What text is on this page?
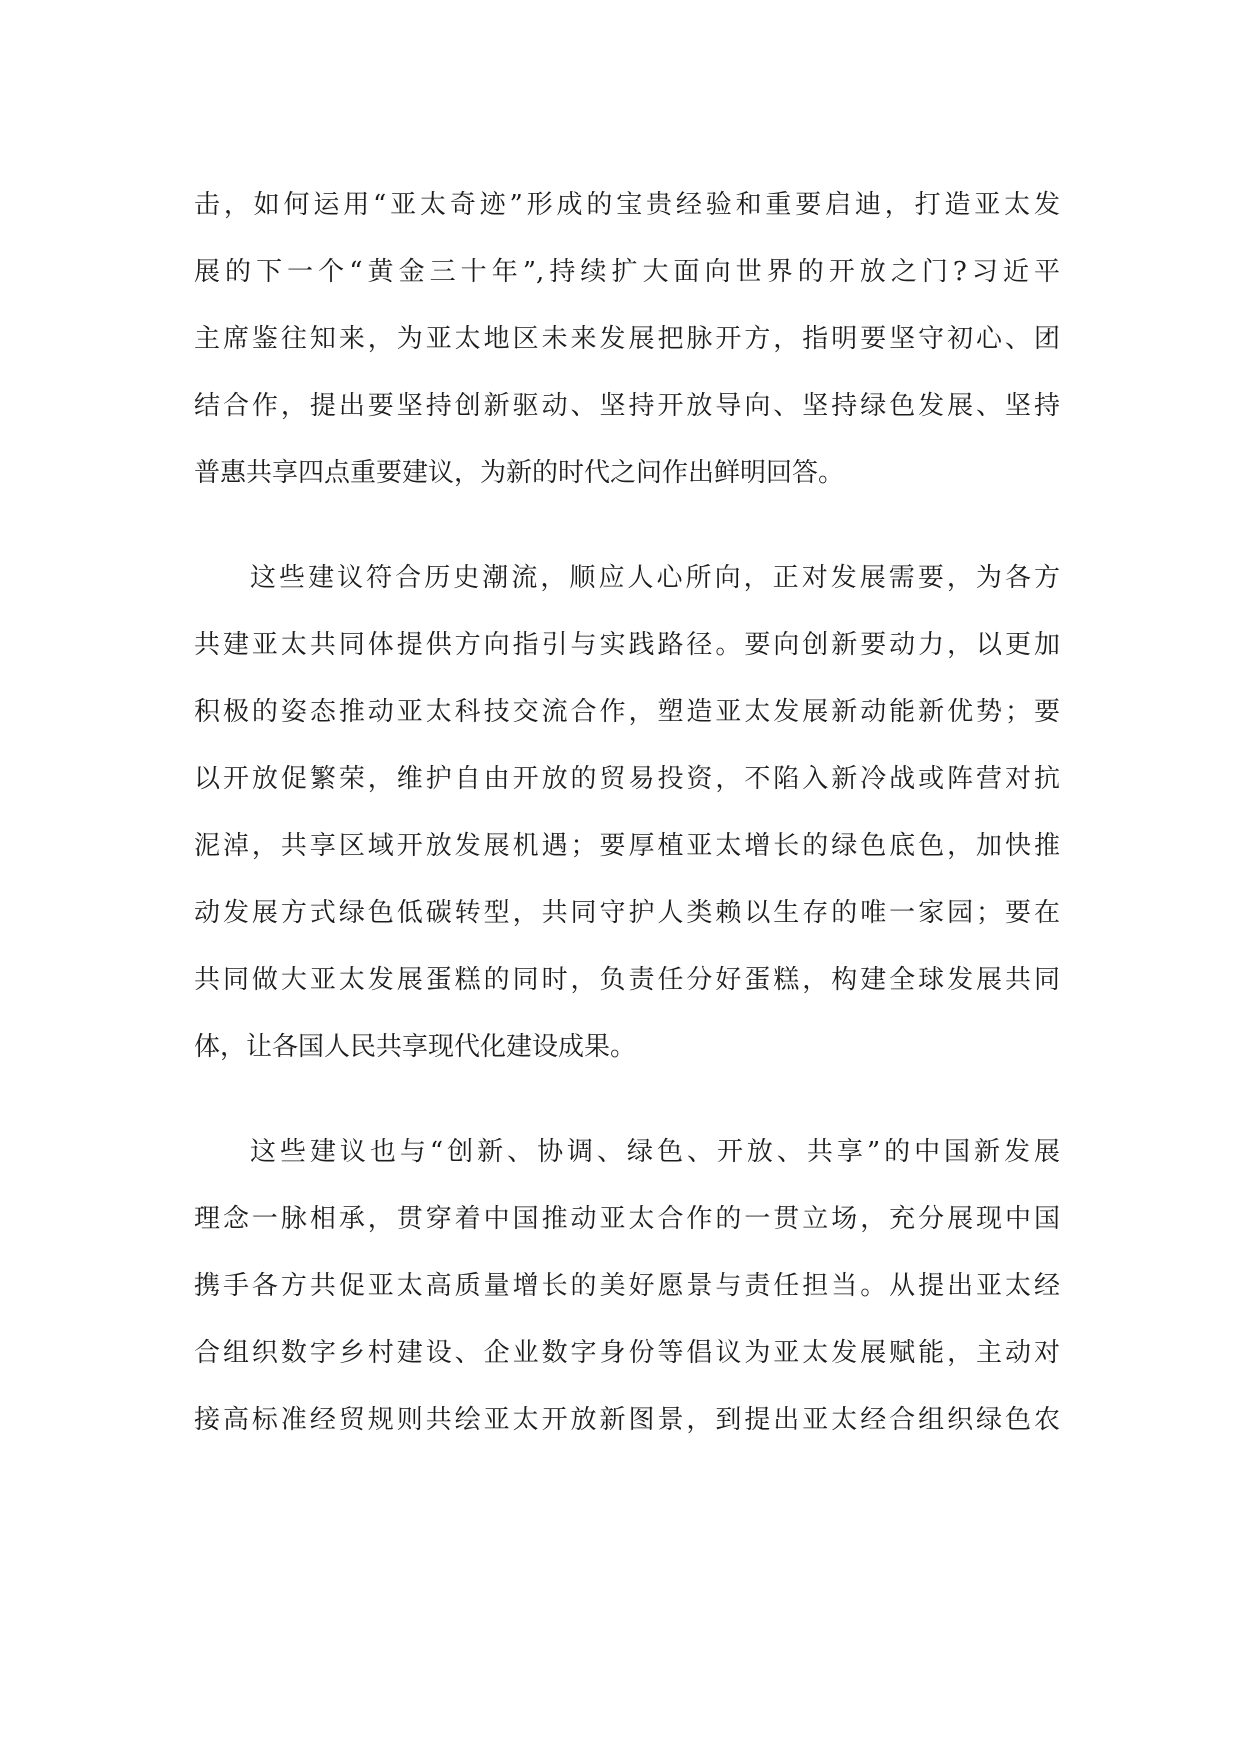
击，如何运用“亚太奇迹”形成的宝贵经验和重要启迪，打造亚太发
展的下一个“黄金三十年”,持续扩大面向世界的开放之门?习近平
主席鉴往知来，为亚太地区未来发展把脉开方，指明要坚守初心、团
结合作，提出要坚持创新驱动、坚持开放导向、坚持绿色发展、坚持
普惠共享四点重要建议，为新的时代之问作出鲜明回答。
这些建议符合历史潮流，顺应人心所向，正对发展需要，为各方
共建亚太共同体提供方向指引与实践路径。要向创新要动力，以更加
积极的姿态推动亚太科技交流合作，塑造亚太发展新动能新优势；要
以开放促繁荣，维护自由开放的贸易投资，不陷入新冷战或阵营对抗
泥淖，共享区域开放发展机遇；要厚植亚太增长的绿色底色，加快推
动发展方式绿色低碳转型，共同守护人类赖以生存的唯一家园；要在
共同做大亚太发展蛋糕的同时，负责任分好蛋糕，构建全球发展共同
体，让各国人民共享现代化建设成果。
这些建议也与“创新、协调、绿色、开放、共享”的中国新发展
理念一脉相承，贯穿着中国推动亚太合作的一贯立场，充分展现中国
携手各方共促亚太高质量增长的美好愿景与责任担当。从提出亚太经
合组织数字乡村建设、企业数字身份等倡议为亚太发展赋能，主动对
接高标准经贸规则共绘亚太开放新图景，到提出亚太经合组织绿色农
